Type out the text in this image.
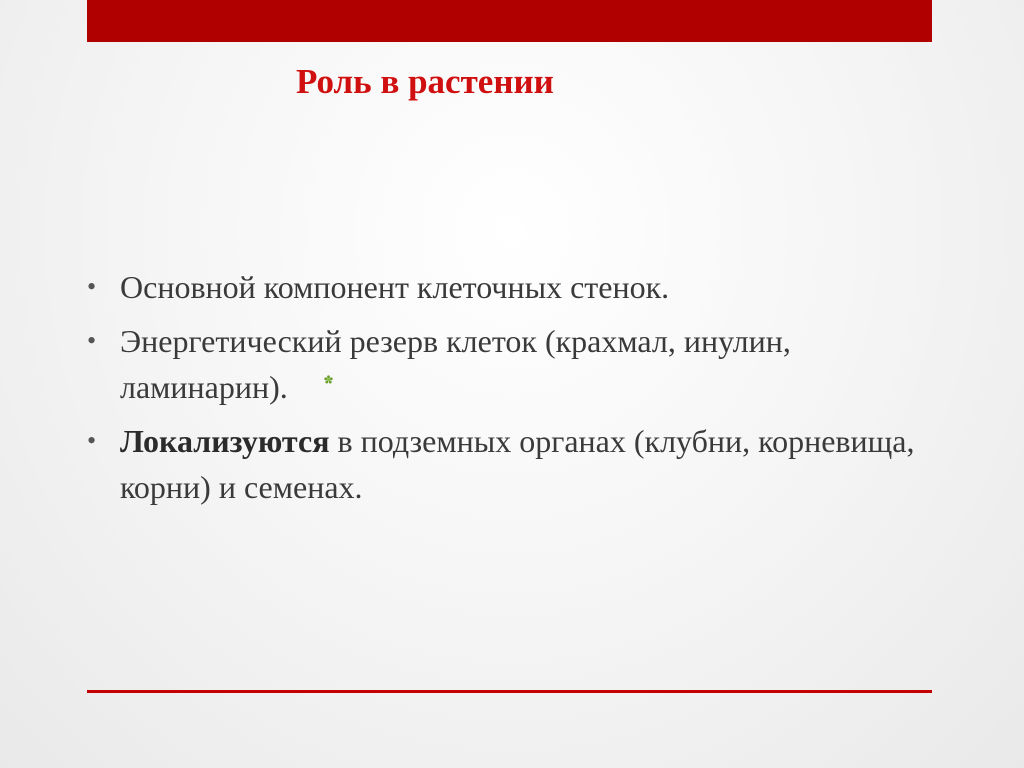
Роль в растении
• Основной компонент клеточных стенок.
• Энергетический резерв клеток (крахмал, инулин, ламинарин).
• Локализуются в подземных органах (клубни, корневища, корни) и семенах.
